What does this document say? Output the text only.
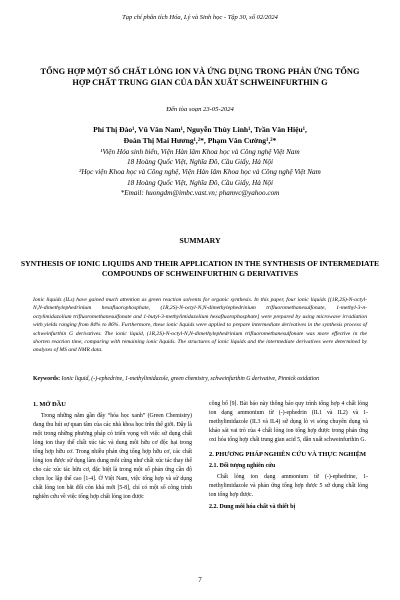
Tạp chí phân tích Hóa, Lý và Sinh học - Tập 30, số 02/2024
TỔNG HỢP MỘT SỐ CHẤT LỎNG ION VÀ ỨNG DỤNG TRONG PHẢN ỨNG TỔNG HỢP CHẤT TRUNG GIAN CỦA DẪN XUẤT SCHWEINFURTHIN G
Đến tòa soạn 23-05-2024
Phí Thị Đào¹, Vũ Văn Nam¹, Nguyễn Thùy Linh¹, Trần Văn Hiệu¹,
Đoàn Thị Mai Hương¹,²*, Phạm Văn Cường¹,²*

¹Viện Hóa sinh biển, Viện Hàn lâm Khoa học và Công nghệ Việt Nam

18 Hoàng Quốc Việt, Nghĩa Đô, Cầu Giấy, Hà Nội

²Học viện Khoa học và Công nghệ, Viện Hàn lâm Khoa học và Công nghệ Việt Nam

18 Hoàng Quốc Việt, Nghĩa Đô, Cầu Giấy, Hà Nội

*Email: huongdm@imbc.vast.vn; phamvc@yahoo.com

SUMMARY
SYNTHESIS OF IONIC LIQUIDS AND THEIR APPLICATION IN THE SYNTHESIS OF INTERMEDIATE COMPOUNDS OF SCHWEINFURTHIN G DERIVATIVES
Ionic liquids (ILs) have gained much attention as green reaction solvents for organic synthesis. In this paper, four ionic liquids [(1R,2S)-N-octyl-N,N-dimethylephedrinium hexafluorophosphate, (1R,2S)-N-octyl-N,N-dimethylephedrinium trifluoromethanesulfonate, 1-methyl-3-n-octylimidazolium trifluoromethanesulfonate and 1-butyl-3-methylimidazolium hexafluorophosphate] were prepared by using microwave irradiation with yields ranging from 84% to 86%. Furthermore, these ionic liquids were applied to prepare intermediate derivatives in the synthesis process of schweinfurthin G derivatives. The ionic liquid, (1R,2S)-N-octyl-N,N-dimethylephedrinium trifluoromethanesulfonate was more effective in the shorten reaction time, comparing with remaining ionic liquids. The structures of ionic liquids and the intermediate derivatives were determined by analyses of MS and NMR data.
Keywords: Ionic liquid, (-)-ephedrine, 1-methylimidazole, green chemistry, schweinfurthin G derivative, Pinnick oxidation
1. MỞ ĐẦU

Trong những năm gần đây “hóa học xanh” (Green Chemistry) đang thu hút sự quan tâm của các nhà khoa học trên thế giới. Đây là một trong những phương pháp có triển vọng với việc sử dụng chất lỏng ion thay thế chất xúc tác và dung môi hữu cơ độc hại trong tổng hợp hữu cơ. Trong nhiều phản ứng tổng hợp hữu cơ, các chất lỏng ion được sử dụng làm dung môi cũng như chất xúc tác thay thế cho các xúc tác hữu cơ, đặc biệt là trong một số phản ứng cần độ chọn lọc lập thể cao [1-4]. Ở Việt Nam, việc tổng hợp và sử dụng chất lỏng ion bắt đối còn khá mới [5-8], chỉ có một số công trình nghiên cứu về việc tổng hợp chất lỏng ion được

công bố [9]. Bài báo này thông báo quy trình tổng hợp 4 chất lỏng ion dạng ammonium từ (-)-ephedrin (IL1 và IL2) và 1-methylimidazole (IL3 và IL4) sử dụng lò vi sóng chuyên dụng và khảo sát vai trò của 4 chất lỏng ion tổng hợp được trong phản ứng oxi hóa tổng hợp chất trung gian acid 5, dẫn xuất schweinfurthin G.

2. PHƯƠNG PHÁP NGHIÊN CỨU VÀ THỰC NGHIỆM
2.1. Đối tượng nghiên cứu

Chất lỏng ion dạng ammonium từ (-)-ephedrine, 1-methylimidazole và phản ứng tổng hợp được 5 sử dụng chất lỏng ion tổng hợp được.

2.2. Dung môi hóa chất và thiết bị
7
